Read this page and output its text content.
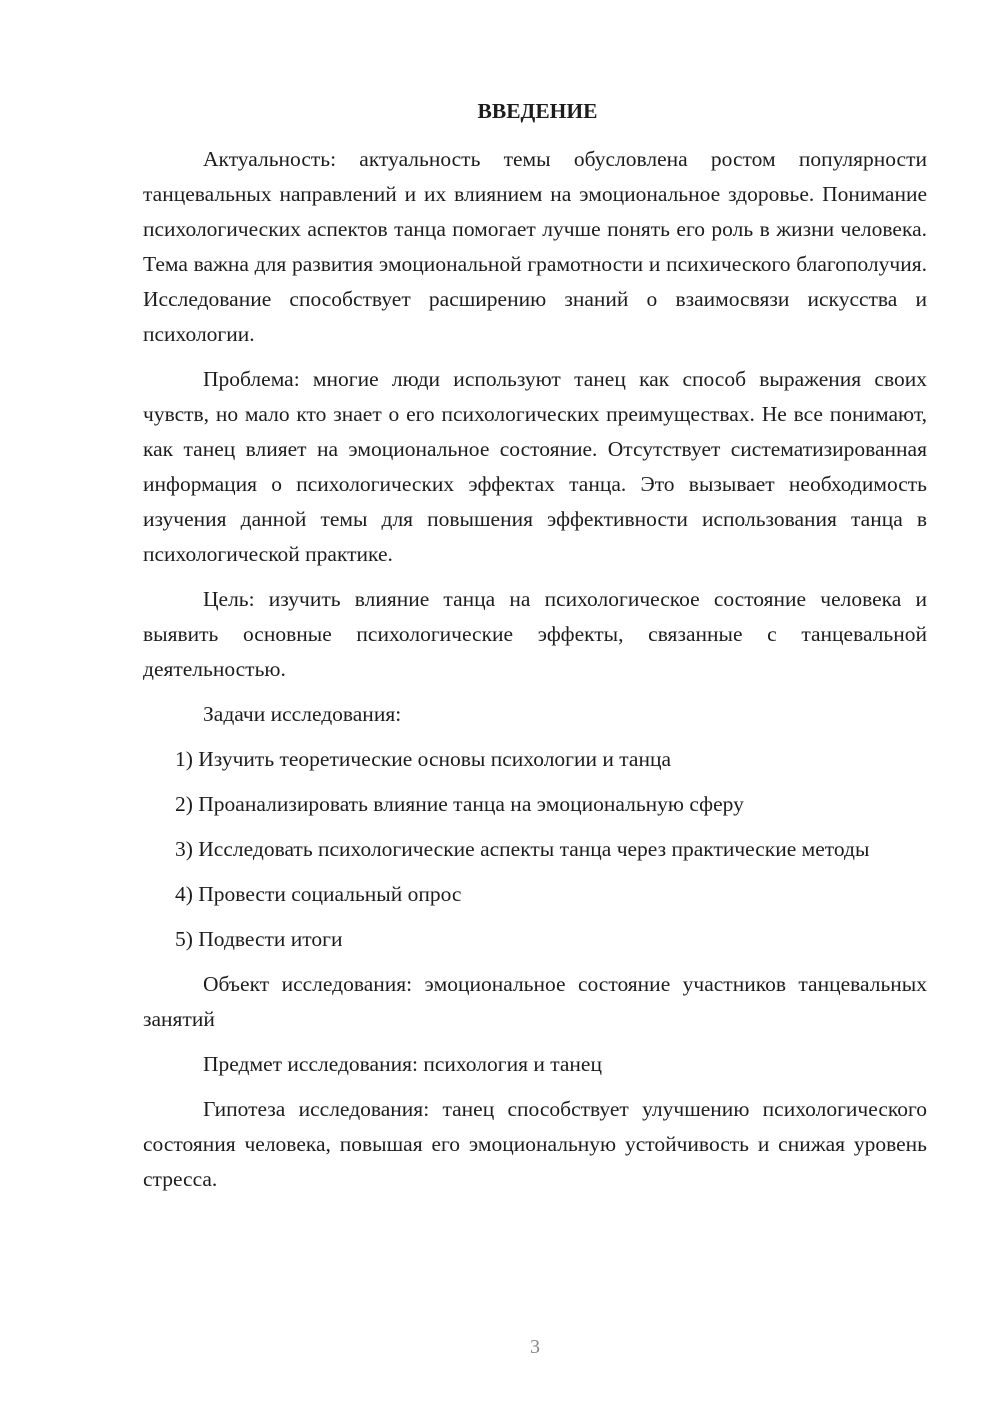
ВВЕДЕНИЕ

Актуальность: актуальность темы обусловлена ростом популярности танцевальных направлений и их влиянием на эмоциональное здоровье. Понимание психологических аспектов танца помогает лучше понять его роль в жизни человека. Тема важна для развития эмоциональной грамотности и психического благополучия. Исследование способствует расширению знаний о взаимосвязи искусства и психологии.

Проблема: многие люди используют танец как способ выражения своих чувств, но мало кто знает о его психологических преимуществах. Не все понимают, как танец влияет на эмоциональное состояние. Отсутствует систематизированная информация о психологических эффектах танца. Это вызывает необходимость изучения данной темы для повышения эффективности использования танца в психологической практике.

Цель: изучить влияние танца на психологическое состояние человека и выявить основные психологические эффекты, связанные с танцевальной деятельностью.

Задачи исследования:

1) Изучить теоретические основы психологии и танца

2) Проанализировать влияние танца на эмоциональную сферу

3) Исследовать психологические аспекты танца через практические методы

4) Провести социальный опрос

5) Подвести итоги

Объект исследования: эмоциональное состояние участников танцевальных занятий

Предмет исследования: психология и танец

Гипотеза исследования: танец способствует улучшению психологического состояния человека, повышая его эмоциональную устойчивость и снижая уровень стресса.

3
